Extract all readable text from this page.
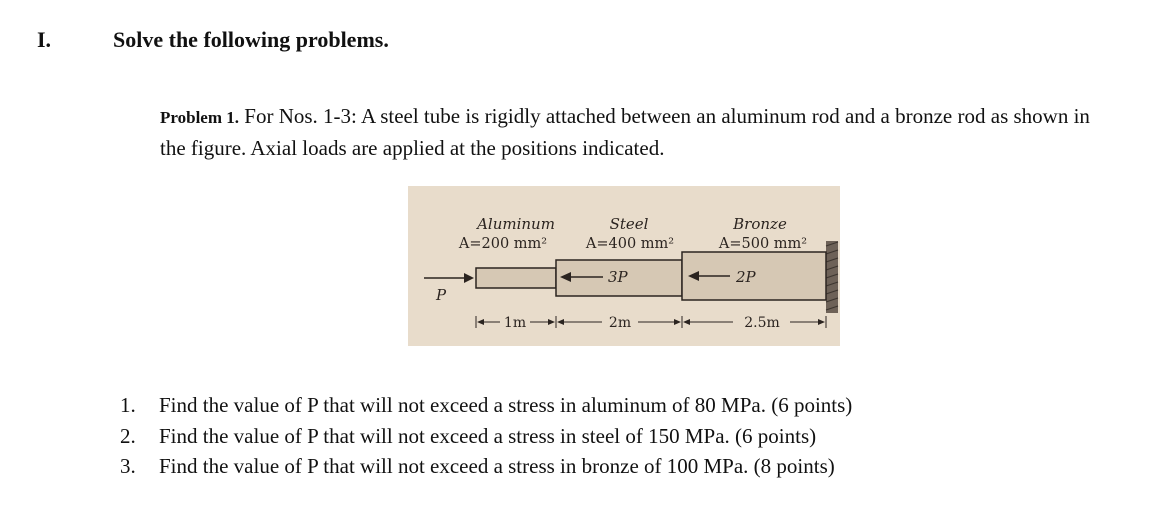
I.	Solve the following problems.
Problem 1. For Nos. 1-3: A steel tube is rigidly attached between an aluminum rod and a bronze rod as shown in the figure. Axial loads are applied at the positions indicated.
Aluminum
A=200 mm²
Steel
A=400 mm²
Bronze
A=500 mm²
P
3P	2P
1m	2m	2.5m
1.	Find the value of P that will not exceed a stress in aluminum of 80 MPa. (6 points)
2.	Find the value of P that will not exceed a stress in steel of 150 MPa. (6 points)
3.	Find the value of P that will not exceed a stress in bronze of 100 MPa. (8 points)
